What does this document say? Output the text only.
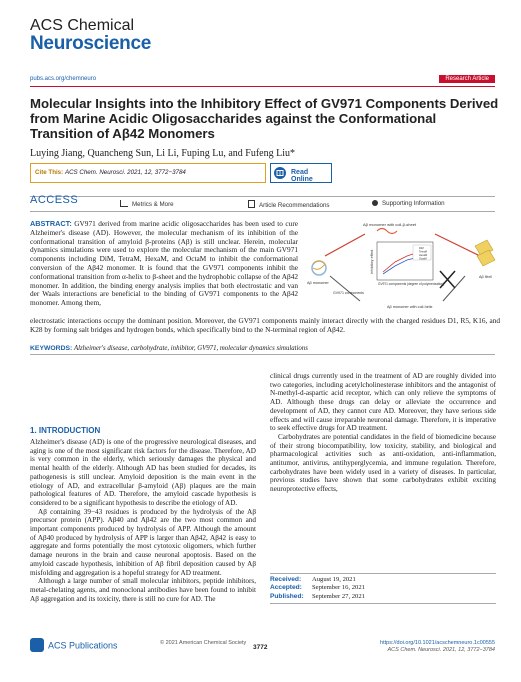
ACS Chemical
Neuroscience
pubs.acs.org/chemneuro	Research Article
Molecular Insights into the Inhibitory Effect of GV971 Components Derived from Marine Acidic Oligosaccharides against the Conformational Transition of Aβ42 Monomers
Luying Jiang, Quancheng Sun, Li Li, Fuping Lu, and Fufeng Liu*
Cite This: ACS Chem. Neurosci. 2021, 12, 3772−3784	Read Online
ACCESS	Metrics & More	Article Recommendations	Supporting Information
ABSTRACT: GV971 derived from marine acidic oligosaccharides has been used to cure Alzheimer's disease (AD). However, the molecular mechanism of its inhibition of the conformational transition of amyloid β-proteins (Aβ) is still unclear. Herein, molecular dynamics simulations were used to explore the molecular mechanism of the main GV971 components including DiM, TetraM, HexaM, and OctaM to inhibit the conformational conversion of the Aβ42 monomer. It is found that the GV971 components inhibit the conformational transition from α-helix to β-sheet and the hydrophobic collapse of the Aβ42 monomer. In addition, the binding energy analysis implies that both electrostatic and van der Waals interactions are beneficial to the binding of GV971 components to the Aβ42 monomer. Among them,
Aβ monomer with coil-β-sheet
Aβ monomer
Aβ fibril
Aβ monomer with coil-helix
GV971 components
Inhibitory effect
DiM
TetraM
HexaM
OctaM
GV971 components (degree of polymerization)
electrostatic interactions occupy the dominant position. Moreover, the GV971 components mainly interact directly with the charged residues D1, R5, K16, and K28 by forming salt bridges and hydrogen bonds, which specifically bind to the N-terminal region of Aβ42.
KEYWORDS: Alzheimer's disease, carbohydrate, inhibitor, GV971, molecular dynamics simulations
1. INTRODUCTION

Alzheimer's disease (AD) is one of the progressive neurological diseases, and aging is one of the most significant risk factors for the disease. Therefore, AD is very common in the elderly, which seriously damages the physical and mental health of the elderly. Although AD has been studied for decades, its pathogenesis is still unclear. Amyloid deposition is the main event in the etiology of AD, and extracellular β-amyloid (Aβ) plaques are the main pathological features of AD. Therefore, the amyloid cascade hypothesis is considered to be a significant hypothesis to describe the etiology of AD.

Aβ containing 39−43 residues is produced by the hydrolysis of the Aβ precursor protein (APP). Aβ40 and Aβ42 are the two most common and important components produced by hydrolysis of APP. Although the amount of Aβ40 produced by hydrolysis of APP is larger than Aβ42, Aβ42 is easy to aggregate and forms potentially the most cytotoxic oligomers, which further damage neurons in the brain and cause neuronal apoptosis. Based on the amyloid cascade hypothesis, inhibition of Aβ fibril deposition caused by Aβ misfolding and aggregation is a hopeful strategy for AD treatment.

Although a large number of small molecular inhibitors, peptide inhibitors, metal-chelating agents, and monoclonal antibodies have been found to inhibit Aβ aggregation and its toxicity, there is still no cure for AD. The

clinical drugs currently used in the treatment of AD are roughly divided into two categories, including acetylcholinesterase inhibitors and the antagonist of N-methyl-d-aspartic acid receptor, which can only relieve the symptoms of AD. Although these drugs can delay or alleviate the occurrence and development of AD, they cannot cure AD. Moreover, they have serious side effects and will cause irreparable neuronal damage. Therefore, it is imperative to seek effective drugs for AD treatment.

Carbohydrates are potential candidates in the field of biomedicine because of their strong biocompatibility, low toxicity, stability, and biological and pharmacological activities such as anti-oxidation, anti-inflammation, antitumor, antivirus, antihyperglycemia, and immune regulation. Therefore, carbohydrates have been widely used in a variety of diseases. In particular, previous studies have shown that some carbohydrates exhibit exciting neuroprotective effects,

Received: August 19, 2021
Accepted: September 16, 2021
Published: September 27, 2021
ACS Publications	© 2021 American Chemical Society
3772
https://doi.org/10.1021/acschemneuro.1c00555
ACS Chem. Neurosci. 2021, 12, 3772−3784
